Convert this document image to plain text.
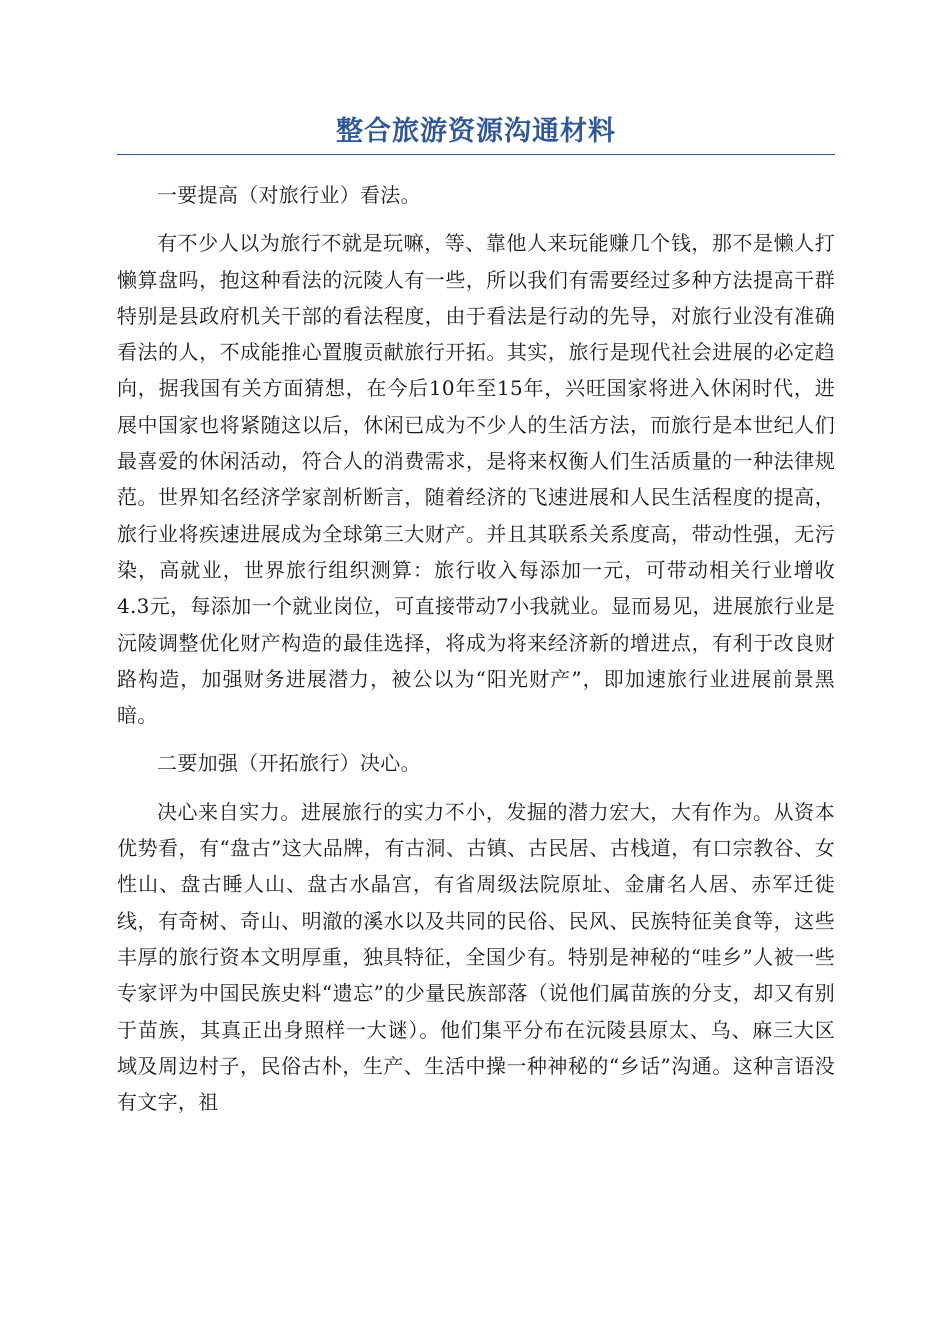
整合旅游资源沟通材料

一要提高（对旅行业）看法。

有不少人以为旅行不就是玩嘛，等、靠他人来玩能赚几个钱，那不是懒人打懒算盘吗，抱这种看法的沅陵人有一些，所以我们有需要经过多种方法提高干群特别是县政府机关干部的看法程度，由于看法是行动的先导，对旅行业没有准确看法的人，不成能推心置腹贡献旅行开拓。其实，旅行是现代社会进展的必定趋向，据我国有关方面猜想，在今后10年至15年，兴旺国家将进入休闲时代，进展中国家也将紧随这以后，休闲已成为不少人的生活方法，而旅行是本世纪人们最喜爱的休闲活动，符合人的消费需求，是将来权衡人们生活质量的一种法律规范。世界知名经济学家剖析断言，随着经济的飞速进展和人民生活程度的提高，旅行业将疾速进展成为全球第三大财产。并且其联系关系度高，带动性强，无污染，高就业，世界旅行组织测算：旅行收入每添加一元，可带动相关行业增收4.3元，每添加一个就业岗位，可直接带动7小我就业。显而易见，进展旅行业是沅陵调整优化财产构造的最佳选择，将成为将来经济新的增进点，有利于改良财路构造，加强财务进展潜力，被公以为“阳光财产”，即加速旅行业进展前景黑暗。

二要加强（开拓旅行）决心。

决心来自实力。进展旅行的实力不小，发掘的潜力宏大，大有作为。从资本优势看，有“盘古”这大品牌，有古洞、古镇、古民居、古栈道，有口宗教谷、女性山、盘古睡人山、盘古水晶宫，有省周级法院原址、金庸名人居、赤军迁徙线，有奇树、奇山、明澈的溪水以及共同的民俗、民风、民族特征美食等，这些丰厚的旅行资本文明厚重，独具特征，全国少有。特别是神秘的“哇乡”人被一些专家评为中国民族史料“遗忘”的少量民族部落（说他们属苗族的分支，却又有别于苗族，其真正出身照样一大谜）。他们集平分布在沅陵县原太、乌、麻三大区域及周边村子，民俗古朴，生产、生活中操一种神秘的“乡话”沟通。这种言语没有文字，祖
